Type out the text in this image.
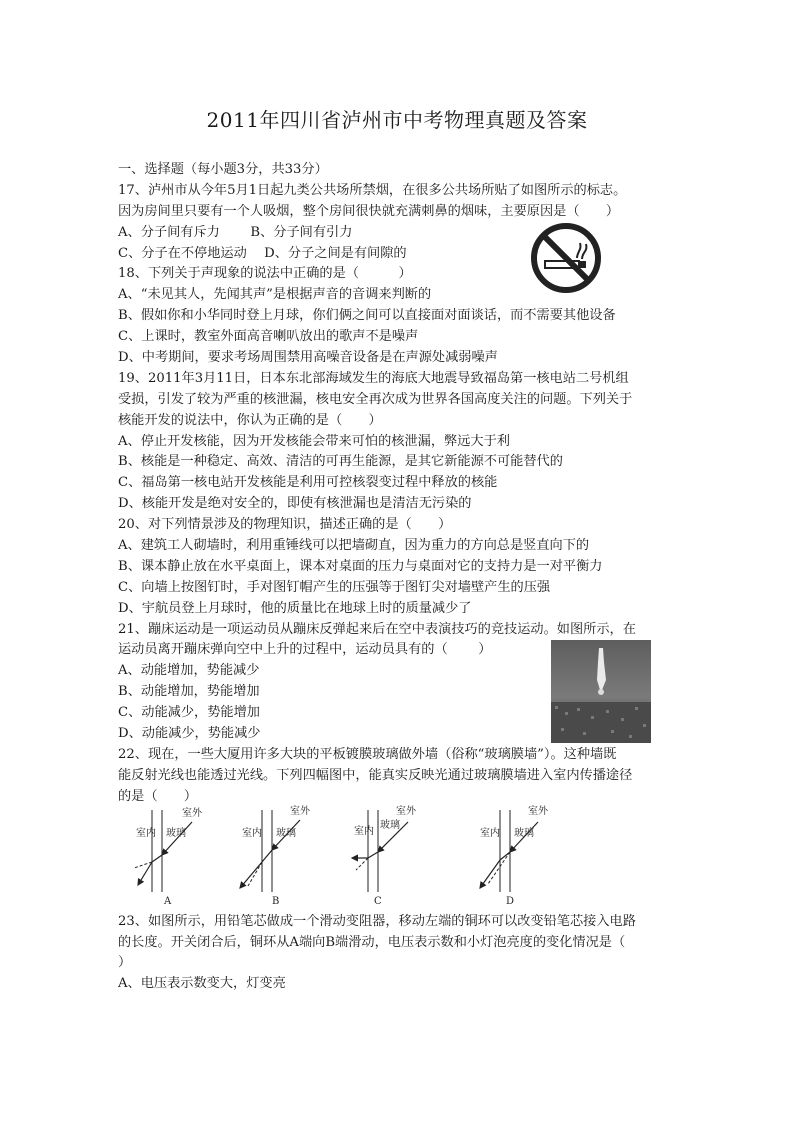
2011年四川省泸州市中考物理真题及答案
一、选择题（每小题3分，共33分）
17、泸州市从今年5月1日起九类公共场所禁烟，在很多公共场所贴了如图所示的标志。
因为房间里只要有一个人吸烟，整个房间很快就充满刺鼻的烟味，主要原因是（　　）
A、分子间有斥力　　 B、分子间有引力
C、分子在不停地运动　 D、分子之间是有间隙的
18、下列关于声现象的说法中正确的是（　　　）
A、“未见其人，先闻其声”是根据声音的音调来判断的
B、假如你和小华同时登上月球，你们俩之间可以直接面对面谈话，而不需要其他设备
C、上课时，教室外面高音喇叭放出的歌声不是噪声
D、中考期间，要求考场周围禁用高噪音设备是在声源处减弱噪声
19、2011年3月11日，日本东北部海域发生的海底大地震导致福岛第一核电站二号机组
受损，引发了较为严重的核泄漏，核电安全再次成为世界各国高度关注的问题。下列关于
核能开发的说法中，你认为正确的是（　　）
A、停止开发核能，因为开发核能会带来可怕的核泄漏，弊远大于利
B、核能是一种稳定、高效、清洁的可再生能源，是其它新能源不可能替代的
C、福岛第一核电站开发核能是利用可控核裂变过程中释放的核能
D、核能开发是绝对安全的，即使有核泄漏也是清洁无污染的
20、对下列情景涉及的物理知识，描述正确的是（　　）
A、建筑工人砌墙时，利用重锤线可以把墙砌直，因为重力的方向总是竖直向下的
B、课本静止放在水平桌面上，课本对桌面的压力与桌面对它的支持力是一对平衡力
C、向墙上按图钉时，手对图钉帽产生的压强等于图钉尖对墙壁产生的压强
D、宇航员登上月球时，他的质量比在地球上时的质量减少了
21、蹦床运动是一项运动员从蹦床反弹起来后在空中表演技巧的竞技运动。如图所示，在
运动员离开蹦床弹向空中上升的过程中，运动员具有的（　　 ）
A、动能增加，势能减少
B、动能增加，势能增加
C、动能减少，势能增加
D、动能减少，势能减少
22、现在，一些大厦用许多大块的平板镀膜玻璃做外墙（俗称“玻璃膜墙”）。这种墙既
能反射光线也能透过光线。下列四幅图中，能真实反映光通过玻璃膜墙进入室内传播途径
的是（　　）
23、如图所示，用铅笔芯做成一个滑动变阻器，移动左端的铜环可以改变铅笔芯接入电路
的长度。开关闭合后，铜环从A端向B端滑动，电压表示数和小灯泡亮度的变化情况是（
）
A、电压表示数变大，灯变亮
室内 玻璃
室外
A
室内 玻璃
室外
B
室内
玻璃
室外
C
室内 玻璃
室外
D
